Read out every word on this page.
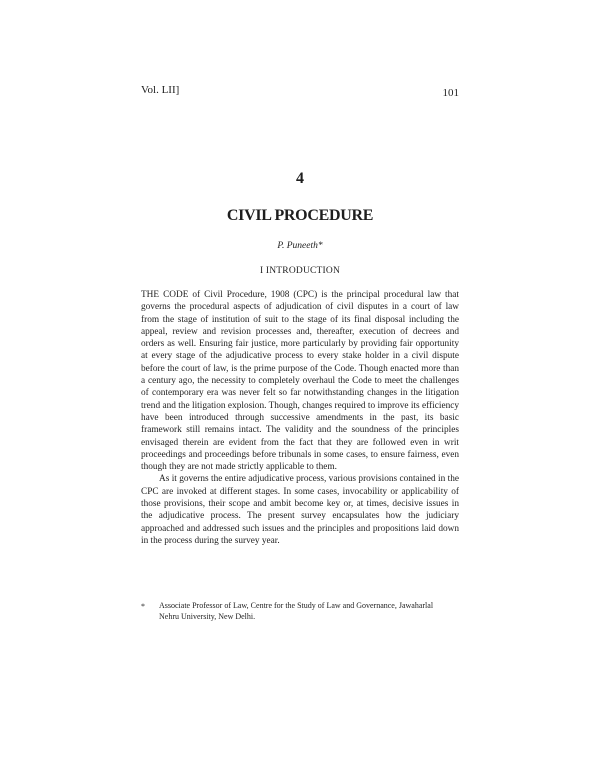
Vol. LII]	101
4
CIVIL PROCEDURE
P. Puneeth*
I INTRODUCTION

THE CODE of Civil Procedure, 1908 (CPC) is the principal procedural law that governs the procedural aspects of adjudication of civil disputes in a court of law from the stage of institution of suit to the stage of its final disposal including the appeal, review and revision processes and, thereafter, execution of decrees and orders as well. Ensuring fair justice, more particularly by providing fair opportunity at every stage of the adjudicative process to every stake holder in a civil dispute before the court of law, is the prime purpose of the Code. Though enacted more than a century ago, the necessity to completely overhaul the Code to meet the challenges of contemporary era was never felt so far notwithstanding changes in the litigation trend and the litigation explosion. Though, changes required to improve its efficiency have been introduced through successive amendments in the past, its basic framework still remains intact. The validity and the soundness of the principles envisaged therein are evident from the fact that they are followed even in writ proceedings and proceedings before tribunals in some cases, to ensure fairness, even though they are not made strictly applicable to them.

As it governs the entire adjudicative process, various provisions contained in the CPC are invoked at different stages. In some cases, invocability or applicability of those provisions, their scope and ambit become key or, at times, decisive issues in the adjudicative process. The present survey encapsulates how the judiciary approached and addressed such issues and the principles and propositions laid down in the process during the survey year.

* Associate Professor of Law, Centre for the Study of Law and Governance, Jawaharlal Nehru University, New Delhi.
